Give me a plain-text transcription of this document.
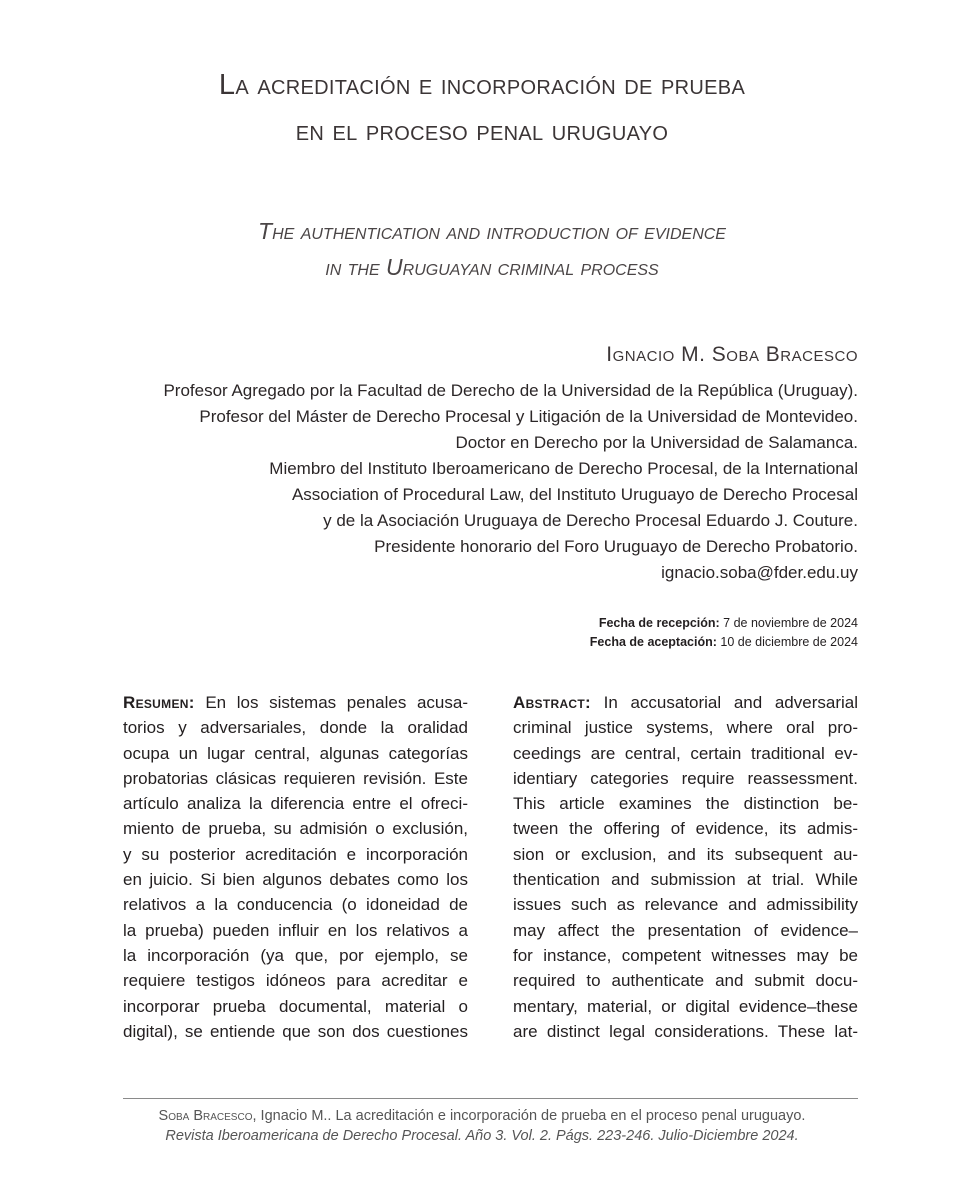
La acreditación e incorporación de prueba
en el proceso penal uruguayo
The authentication and introduction of evidence
in the Uruguayan criminal process
Ignacio M. Soba Bracesco
Profesor Agregado por la Facultad de Derecho de la Universidad de la República (Uruguay).
Profesor del Máster de Derecho Procesal y Litigación de la Universidad de Montevideo.
Doctor en Derecho por la Universidad de Salamanca.
Miembro del Instituto Iberoamericano de Derecho Procesal, de la International
Association of Procedural Law, del Instituto Uruguayo de Derecho Procesal
y de la Asociación Uruguaya de Derecho Procesal Eduardo J. Couture.
Presidente honorario del Foro Uruguayo de Derecho Probatorio.
ignacio.soba@fder.edu.uy
Fecha de recepción: 7 de noviembre de 2024
Fecha de aceptación: 10 de diciembre de 2024
Resumen: En los sistemas penales acusa-
torios y adversariales, donde la oralidad
ocupa un lugar central, algunas categorías
probatorias clásicas requieren revisión. Este
artículo analiza la diferencia entre el ofreci-
miento de prueba, su admisión o exclusión,
y su posterior acreditación e incorporación
en juicio. Si bien algunos debates como los
relativos a la conducencia (o idoneidad de
la prueba) pueden influir en los relativos a
la incorporación (ya que, por ejemplo, se
requiere testigos idóneos para acreditar e
incorporar prueba documental, material o
digital), se entiende que son dos cuestiones
Abstract: In accusatorial and adversarial
criminal justice systems, where oral pro-
ceedings are central, certain traditional ev-
identiary categories require reassessment.
This article examines the distinction be-
tween the offering of evidence, its admis-
sion or exclusion, and its subsequent au-
thentication and submission at trial. While
issues such as relevance and admissibility
may affect the presentation of evidence–
for instance, competent witnesses may be
required to authenticate and submit docu-
mentary, material, or digital evidence–these
are distinct legal considerations. These lat-
Soba Bracesco, Ignacio M.. La acreditación e incorporación de prueba en el proceso penal uruguayo.
Revista Iberoamericana de Derecho Procesal. Año 3. Vol. 2. Págs. 223-246. Julio-Diciembre 2024.
